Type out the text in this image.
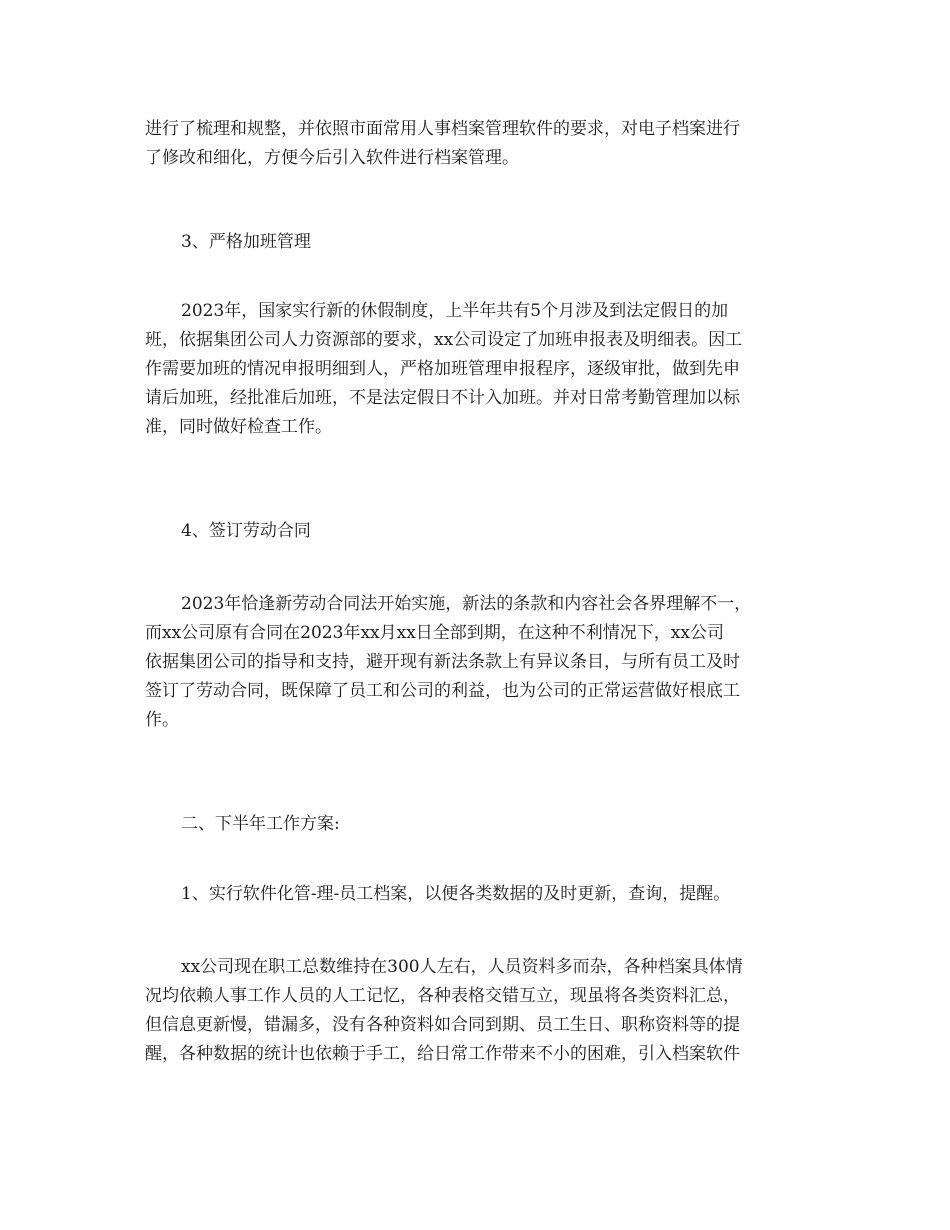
进行了梳理和规整，并依照市面常用人事档案管理软件的要求，对电子档案进行
了修改和细化，方便今后引入软件进行档案管理。

3、严格加班管理

2023年，国家实行新的休假制度，上半年共有5个月涉及到法定假日的加
班，依据集团公司人力资源部的要求，xx公司设定了加班申报表及明细表。因工
作需要加班的情况申报明细到人，严格加班管理申报程序，逐级审批，做到先申
请后加班，经批准后加班，不是法定假日不计入加班。并对日常考勤管理加以标
准，同时做好检查工作。

4、签订劳动合同

2023年恰逢新劳动合同法开始实施，新法的条款和内容社会各界理解不一，
而xx公司原有合同在2023年xx月xx日全部到期，在这种不利情况下，xx公司
依据集团公司的指导和支持，避开现有新法条款上有异议条目，与所有员工及时
签订了劳动合同，既保障了员工和公司的利益，也为公司的正常运营做好根底工
作。

二、下半年工作方案:

1、实行软件化管-理-员工档案，以便各类数据的及时更新，查询，提醒。

xx公司现在职工总数维持在300人左右，人员资料多而杂，各种档案具体情
况均依赖人事工作人员的人工记忆，各种表格交错互立，现虽将各类资料汇总，
但信息更新慢，错漏多，没有各种资料如合同到期、员工生日、职称资料等的提
醒，各种数据的统计也依赖于手工，给日常工作带来不小的困难，引入档案软件
